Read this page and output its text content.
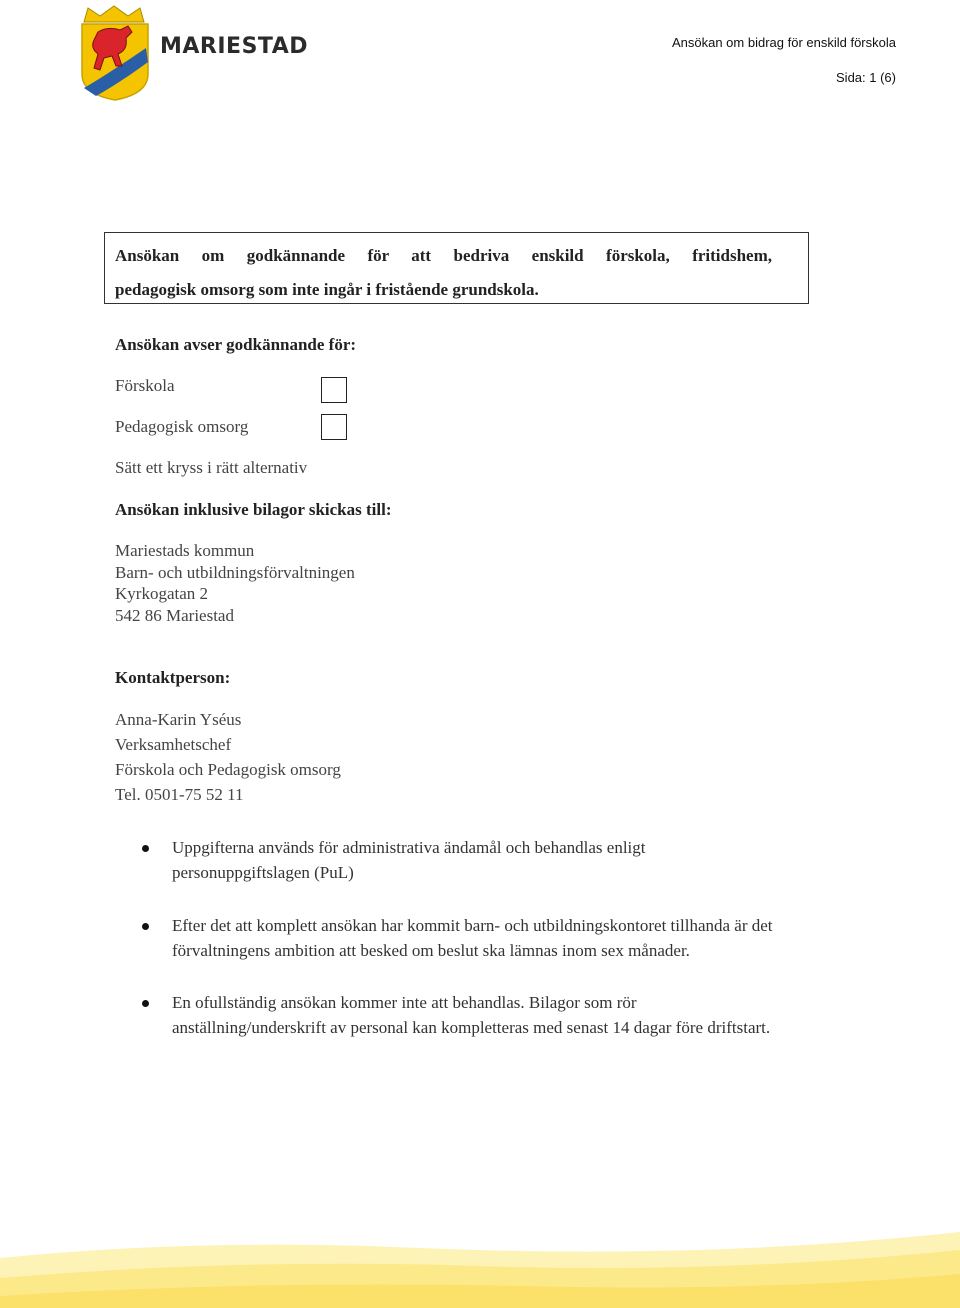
MARIESTAD	Ansökan om bidrag för enskild förskola
Sida: 1 (6)
Ansökan om godkännande för att bedriva enskild förskola, fritidshem,
pedagogisk omsorg som inte ingår i fristående grundskola.
Ansökan avser godkännande för:
Förskola
Pedagogisk omsorg
Sätt ett kryss i rätt alternativ
Ansökan inklusive bilagor skickas till:
Mariestads kommun
Barn- och utbildningsförvaltningen
Kyrkogatan 2
542 86 Mariestad
Kontaktperson:
Anna-Karin Yséus
Verksamhetschef
Förskola och Pedagogisk omsorg
Tel. 0501-75 52 11
Uppgifterna används för administrativa ändamål och behandlas enligt
personuppgiftslagen (PuL)
Efter det att komplett ansökan har kommit barn- och utbildningskontoret tillhanda är det
förvaltningens ambition att besked om beslut ska lämnas inom sex månader.
En ofullständig ansökan kommer inte att behandlas. Bilagor som rör
anställning/underskrift av personal kan kompletteras med senast 14 dagar före driftstart.
